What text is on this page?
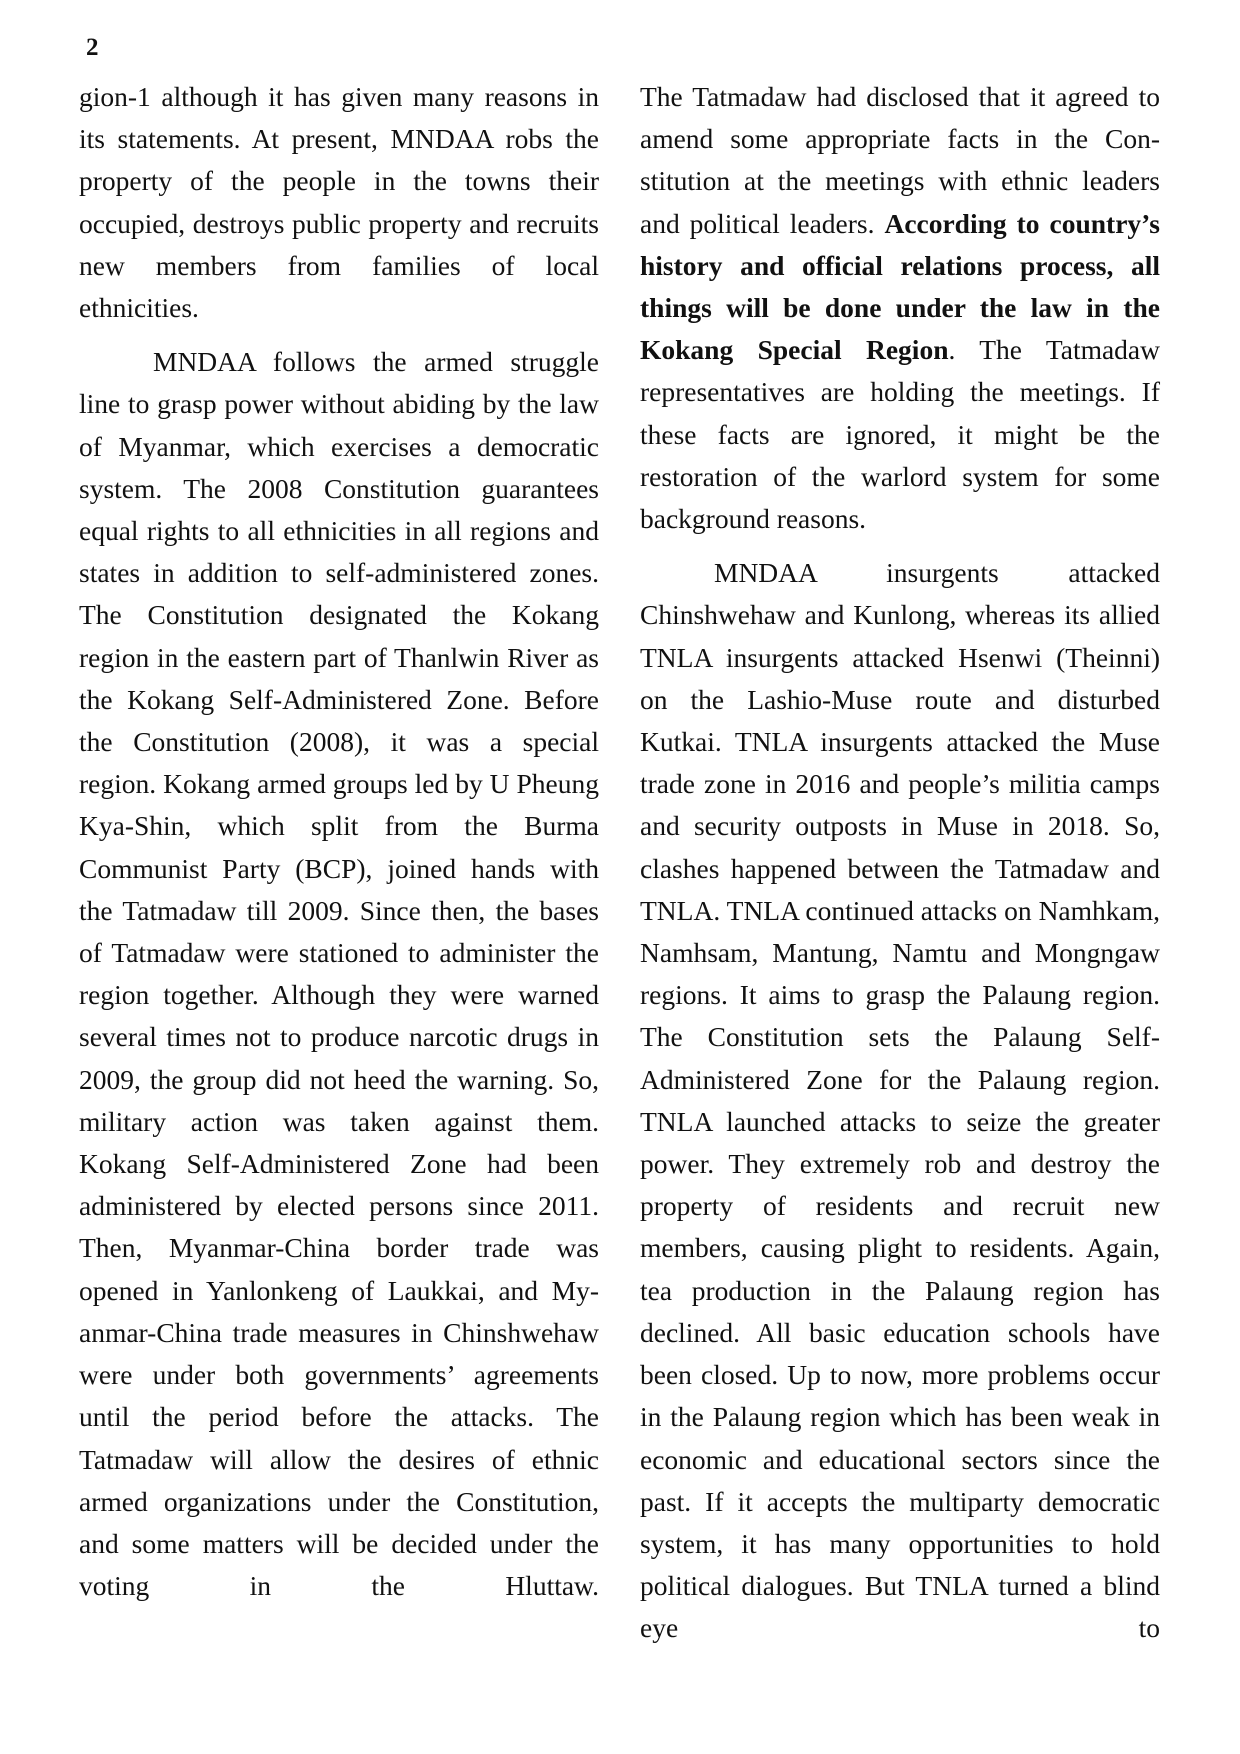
2

gion-1 although it has given many reasons in its statements. At present, MNDAA robs the property of the people in the towns their occupied, destroys public property and recruits new members from families of local ethnicities.

MNDAA follows the armed struggle line to grasp power without abiding by the law of Myanmar, which exercises a democratic system. The 2008 Constitution guarantees equal rights to all ethnicities in all regions and states in addition to self-administered zones. The Constitution designated the Kokang region in the eastern part of Thanlwin River as the Kokang Self-Administered Zone. Before the Constitution (2008), it was a special region. Kokang armed groups led by U Pheung Kya-Shin, which split from the Burma Communist Party (BCP), joined hands with the Tatmadaw till 2009. Since then, the bases of Tatmadaw were stationed to administer the region together. Although they were warned several times not to produce narcotic drugs in 2009, the group did not heed the warning. So, military action was taken against them. Kokang Self-Administered Zone had been administered by elected persons since 2011. Then, Myanmar-China border trade was opened in Yanlonkeng of Laukkai, and Myanmar-China trade measures in Chinshwehaw were under both governments’ agreements until the period before the attacks. The Tatmadaw will allow the desires of ethnic armed organizations under the Constitution, and some matters will be decided under the voting in the Hluttaw.

The Tatmadaw had disclosed that it agreed to amend some appropriate facts in the Constitution at the meetings with ethnic leaders and political leaders. According to country’s history and official relations process, all things will be done under the law in the Kokang Special Region. The Tatmadaw representatives are holding the meetings. If these facts are ignored, it might be the restoration of the warlord system for some background reasons.

MNDAA insurgents attacked Chinshwehaw and Kunlong, whereas its allied TNLA insurgents attacked Hsenwi (Theinni) on the Lashio-Muse route and disturbed Kutkai. TNLA insurgents attacked the Muse trade zone in 2016 and people’s militia camps and security outposts in Muse in 2018. So, clashes happened between the Tatmadaw and TNLA. TNLA continued attacks on Namhkam, Namhsam, Mantung, Namtu and Mongngaw regions. It aims to grasp the Palaung region. The Constitution sets the Palaung Self-Administered Zone for the Palaung region. TNLA launched attacks to seize the greater power. They extremely rob and destroy the property of residents and recruit new members, causing plight to residents. Again, tea production in the Palaung region has declined. All basic education schools have been closed. Up to now, more problems occur in the Palaung region which has been weak in economic and educational sectors since the past. If it accepts the multiparty democratic system, it has many opportunities to hold political dialogues. But TNLA turned a blind eye to
